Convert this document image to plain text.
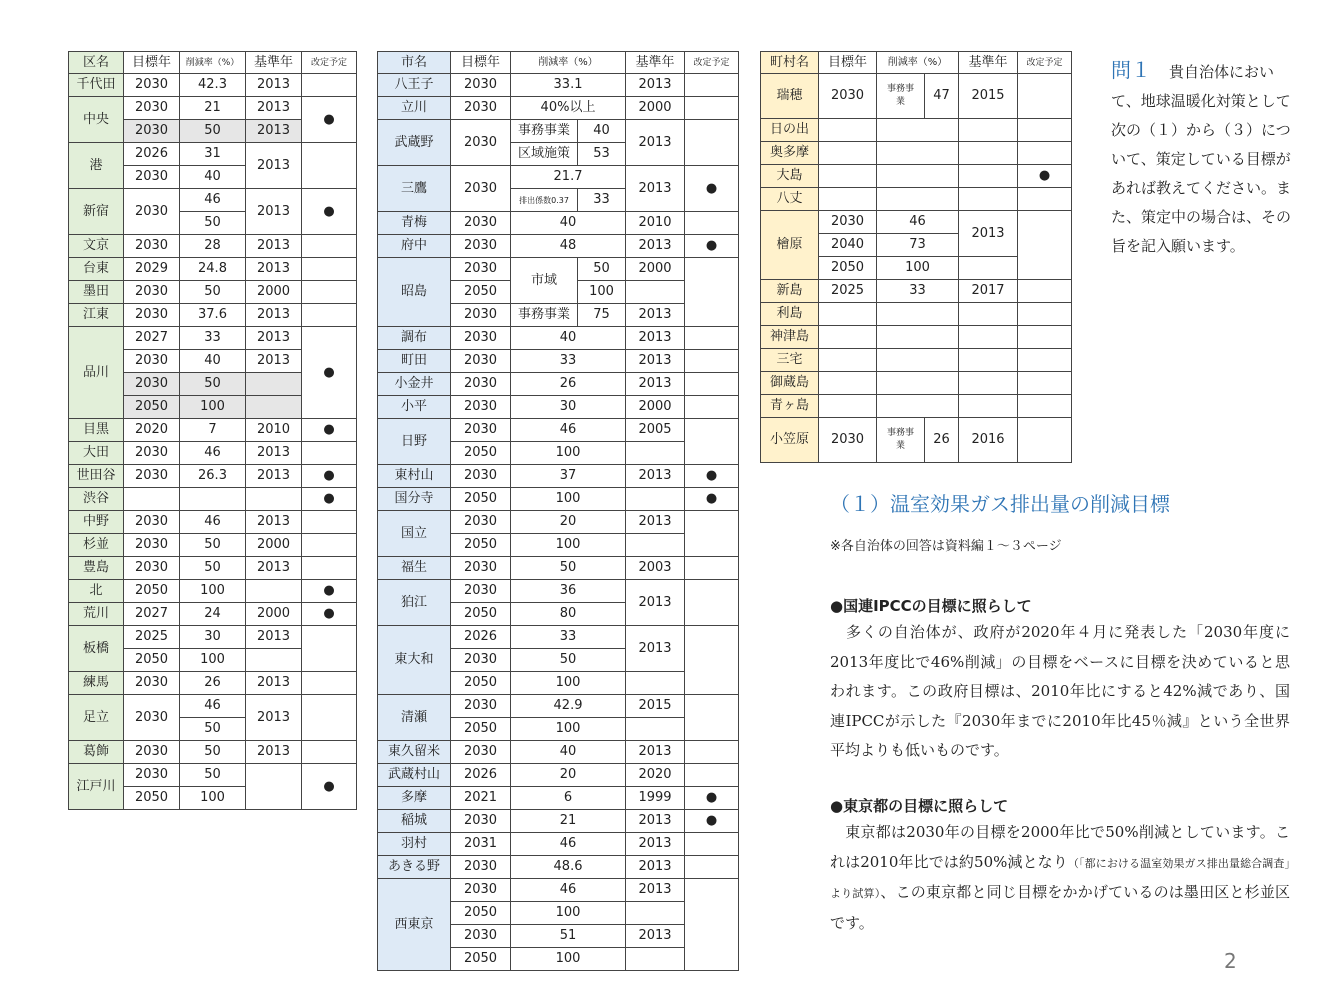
区名	目標年	削減率（%）	基準年	改定予定
千代田	2030	42.3	2013	
中央	2030	21	2013	●
	2030	50	2013	
港	2026	31	2013	
	2030	40		
新宿	2030	46	2013	●
		50		
文京	2030	28	2013	
台東	2029	24.8	2013	
墨田	2030	50	2000	
江東	2030	37.6	2013	
品川	2027	33	2013	●
	2030	40	2013	
	2030	50		
	2050	100		
目黒	2020	7	2010	●
大田	2030	46	2013	
世田谷	2030	26.3	2013	●
渋谷				●
中野	2030	46	2013	
杉並	2030	50	2000	
豊島	2030	50	2013	
北	2050	100		●
荒川	2027	24	2000	●
板橋	2025	30	2013	
	2050	100		
練馬	2030	26	2013	
足立	2030	46	2013	
		50		
葛飾	2030	50	2013	
江戸川	2030	50		●
	2050	100		
市名	目標年	削減率（%）		基準年	改定予定
八王子	2030	33.1		2013	
立川	2030	40%以上		2000	
武蔵野	2030	事務事業	40	2013	
		区域施策	53		
三鷹	2030	21.7		2013	●
		排出係数0.37	33		
青梅	2030	40		2010	
府中	2030	48		2013	●
昭島	2030	市域	50	2000	
	2050		100		
	2030	事務事業	75	2013	
調布	2030	40		2013	
町田	2030	33		2013	
小金井	2030	26		2013	
小平	2030	30		2000	
日野	2030	46		2005	
	2050	100			
東村山	2030	37		2013	●
国分寺	2050	100			●
国立	2030	20		2013	
	2050	100			
福生	2030	50		2003	
狛江	2030	36		2013	
	2050	80			
東大和	2026	33		2013	
	2030	50			
	2050	100			
清瀬	2030	42.9		2015	
	2050	100			
東久留米	2030	40		2013	
武蔵村山	2026	20		2020	
多摩	2021	6		1999	●
稲城	2030	21		2013	●
羽村	2031	46		2013	
あきる野	2030	48.6		2013	
西東京	2030	46		2013	
	2050	100			
	2030	51		2013	
	2050	100			
町村名	目標年	削減率（%）		基準年	改定予定
瑞穂	2030	事務事業	47	2015	
日の出					
奥多摩					
大島					●
八丈					
檜原	2030	46		2013	
	2040	73			
	2050	100			
新島	2025	33		2017	
利島					
神津島					
三宅					
御蔵島					
青ヶ島					
小笠原	2030	事務事業	26	2016	
問１ 貴自治体において、地球温暖化対策として次の（１）から（３）について、策定している目標があれば教えてください。また、策定中の場合は、その旨を記入願います。
（１）温室効果ガス排出量の削減目標
※各自治体の回答は資料編１～３ページ
●国連IPCCの目標に照らして
　多くの自治体が、政府が2020年４月に発表した「2030年度に2013年度比で46%削減」の目標をベースに目標を決めていると思われます。この政府目標は、2010年比にすると42%減であり、国連IPCCが示した『2030年までに2010年比45％減』という全世界平均よりも低いものです。
●東京都の目標に照らして
　東京都は2030年の目標を2000年比で50%削減としています。これは2010年比では約50%減となり（「都における温室効果ガス排出量総合調査」より試算）、この東京都と同じ目標をかかげているのは墨田区と杉並区です。
2
